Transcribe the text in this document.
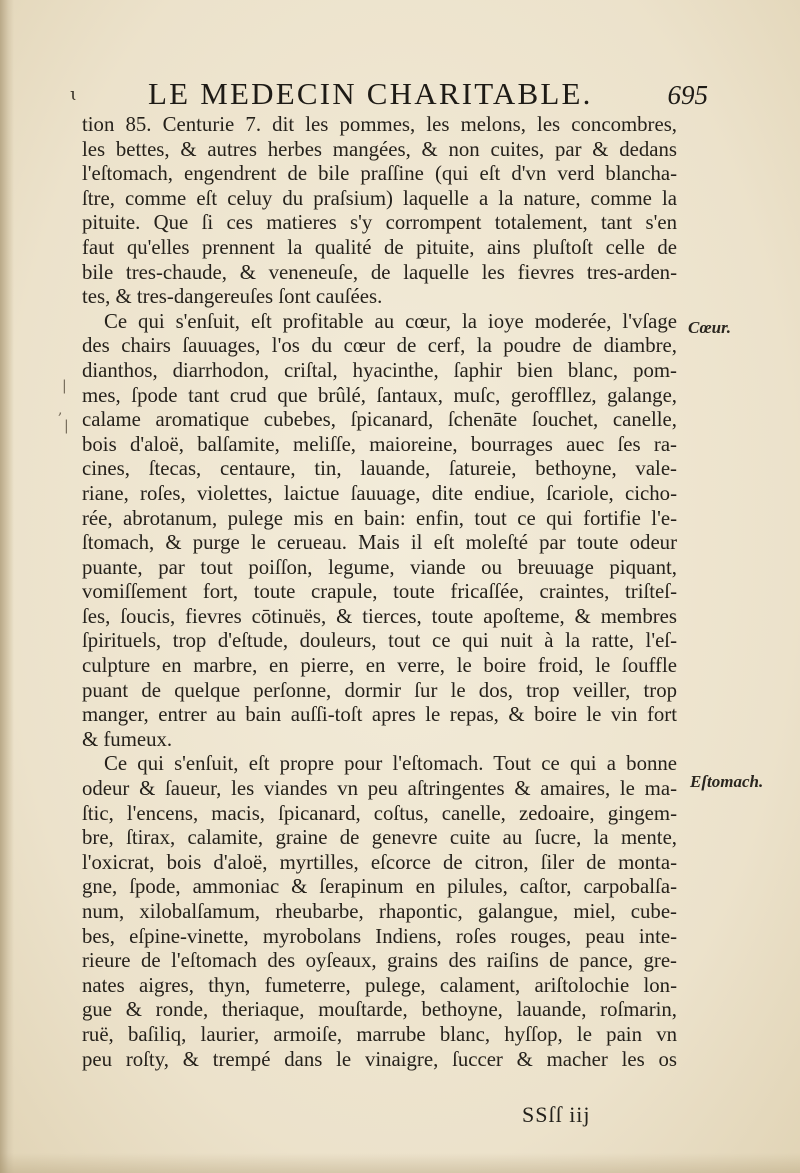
ɩ LE MEDECIN CHARITABLE.	695
tion 85. Centurie 7. dit les pommes, les melons, les concombres,
les bettes, & autres herbes mangées, & non cuites, par & dedans
l'eſtomach, engendrent de bile praſſine (qui eſt d'vn verd blancha-
ſtre, comme eſt celuy du praſsium) laquelle a la nature, comme la
pituite. Que ſi ces matieres s'y corrompent totalement, tant s'en
faut qu'elles prennent la qualité de pituite, ains pluſtoſt celle de
bile tres-chaude, & veneneuſe, de laquelle les fievres tres-arden-
tes, & tres-dangereuſes ſont cauſées.
Ce qui s'enſuit, eſt profitable au cœur, la ioye moderée, l'vſage
des chairs ſauuages, l'os du cœur de cerf, la poudre de diambre,
dianthos, diarrhodon, criſtal, hyacinthe, ſaphir bien blanc, pom-
mes, ſpode tant crud que brûlé, ſantaux, muſc, geroffllez, galange,
calame aromatique cubebes, ſpicanard, ſchenāte ſouchet, canelle,
bois d'aloë, balſamite, meliſſe, maioreine, bourrages auec ſes ra-
cines, ſtecas, centaure, tin, lauande, ſatureie, bethoyne, vale-
riane, roſes, violettes, laictue ſauuage, dite endiue, ſcariole, cicho-
rée, abrotanum, pulege mis en bain: enfin, tout ce qui fortifie l'e-
ſtomach, & purge le cerueau. Mais il eſt moleſté par toute odeur
puante, par tout poiſſon, legume, viande ou breuuage piquant,
vomiſſement fort, toute crapule, toute fricaſſée, craintes, triſteſ-
ſes, ſoucis, fievres cōtinuës, & tierces, toute apoſteme, & membres
ſpirituels, trop d'eſtude, douleurs, tout ce qui nuit à la ratte, l'eſ-
culpture en marbre, en pierre, en verre, le boire froid, le ſouffle
puant de quelque perſonne, dormir ſur le dos, trop veiller, trop
manger, entrer au bain auſſi-toſt apres le repas, & boire le vin fort
& fumeux.
Ce qui s'enſuit, eſt propre pour l'eſtomach. Tout ce qui a bonne
odeur & ſaueur, les viandes vn peu aſtringentes & amaires, le ma-
ſtic, l'encens, macis, ſpicanard, coſtus, canelle, zedoaire, gingem-
bre, ſtirax, calamite, graine de genevre cuite au ſucre, la mente,
l'oxicrat, bois d'aloë, myrtilles, eſcorce de citron, ſiler de monta-
gne, ſpode, ammoniac & ſerapinum en pilules, caſtor, carpobalſa-
num, xilobalſamum, rheubarbe, rhapontic, galangue, miel, cube-
bes, eſpine-vinette, myrobolans Indiens, roſes rouges, peau inte-
rieure de l'eſtomach des oyſeaux, grains des raiſins de pance, gre-
nates aigres, thyn, fumeterre, pulege, calament, ariſtolochie lon-
gue & ronde, theriaque, mouſtarde, bethoyne, lauande, roſmarin,
ruë, baſiliq, laurier, armoiſe, marrube blanc, hyſſop, le pain vn
peu roſty, & trempé dans le vinaigre, ſuccer & macher les os
Cœur.
Eſtomach.
SSſſ iij
|
,
|
